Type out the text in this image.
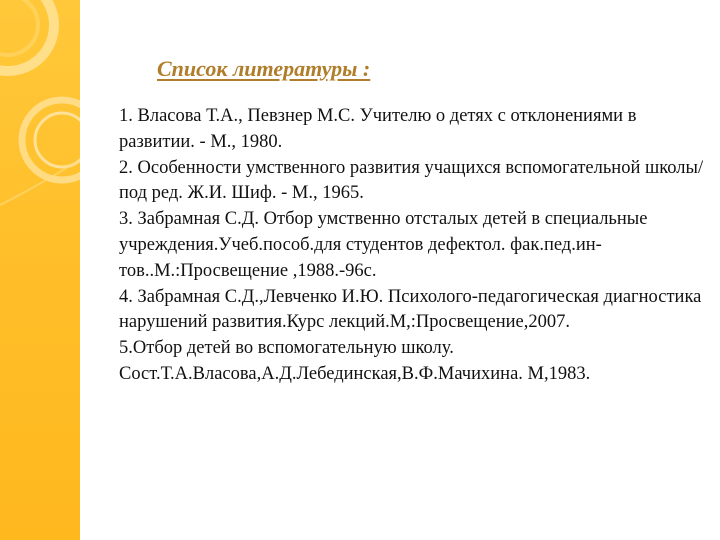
Список литературы :
1. Власова Т.А., Певзнер М.С. Учителю о детях с отклонениями в развитии. - М., 1980.
2. Особенности умственного развития учащихся вспомогательной школы/под ред. Ж.И. Шиф. - М., 1965.
3. Забрамная С.Д. Отбор умственно отсталых детей в специальные учреждения.Учеб.пособ.для студентов дефектол. фак.пед.ин-тов..М.:Просвещение ,1988.-96с.
4. Забрамная С.Д.,Левченко И.Ю. Психолого-педагогическая диагностика нарушений развития.Курс лекций.М,:Просвещение,2007.
5.Отбор детей во вспомогательную школу. Сост.Т.А.Власова,А.Д.Лебединская,В.Ф.Мачихина. М,1983.
